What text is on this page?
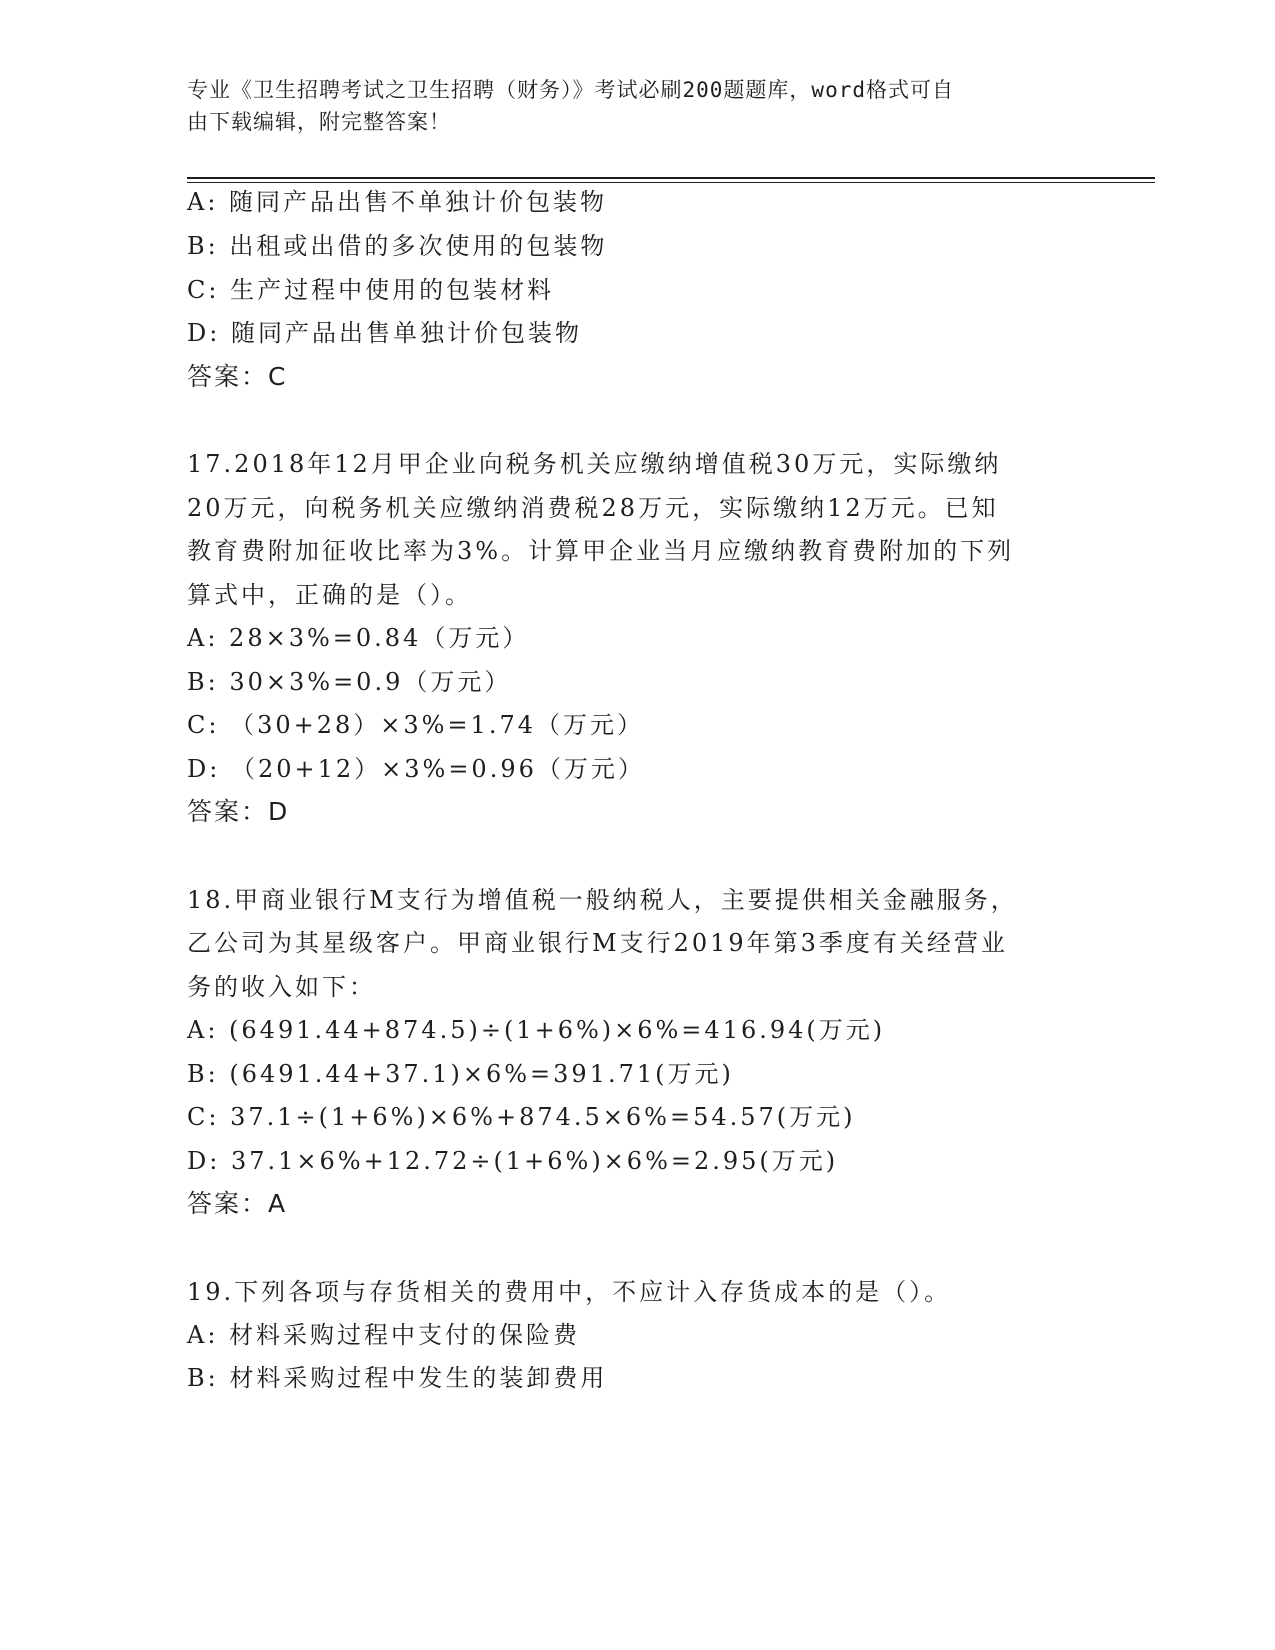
专业《卫生招聘考试之卫生招聘（财务）》考试必刷200题题库，word格式可自
由下载编辑，附完整答案！
A: 随同产品出售不单独计价包装物
B: 出租或出借的多次使用的包装物
C: 生产过程中使用的包装材料
D: 随同产品出售单独计价包装物
答案：C
17.2018年12月甲企业向税务机关应缴纳增值税30万元，实际缴纳
20万元，向税务机关应缴纳消费税28万元，实际缴纳12万元。已知
教育费附加征收比率为3%。计算甲企业当月应缴纳教育费附加的下列
算式中，正确的是（）。
A: 28×3%=0.84（万元）
B: 30×3%=0.9（万元）
C: （30+28）×3%=1.74（万元）
D: （20+12）×3%=0.96（万元）
答案：D
18.甲商业银行M支行为增值税一般纳税人，主要提供相关金融服务，
乙公司为其星级客户。甲商业银行M支行2019年第3季度有关经营业
务的收入如下：
A: (6491.44+874.5)÷(1+6%)×6%=416.94(万元)
B: (6491.44+37.1)×6%=391.71(万元)
C: 37.1÷(1+6%)×6%+874.5×6%=54.57(万元)
D: 37.1×6%+12.72÷(1+6%)×6%=2.95(万元)
答案：A
19.下列各项与存货相关的费用中，不应计入存货成本的是（）。
A: 材料采购过程中支付的保险费
B: 材料采购过程中发生的装卸费用
